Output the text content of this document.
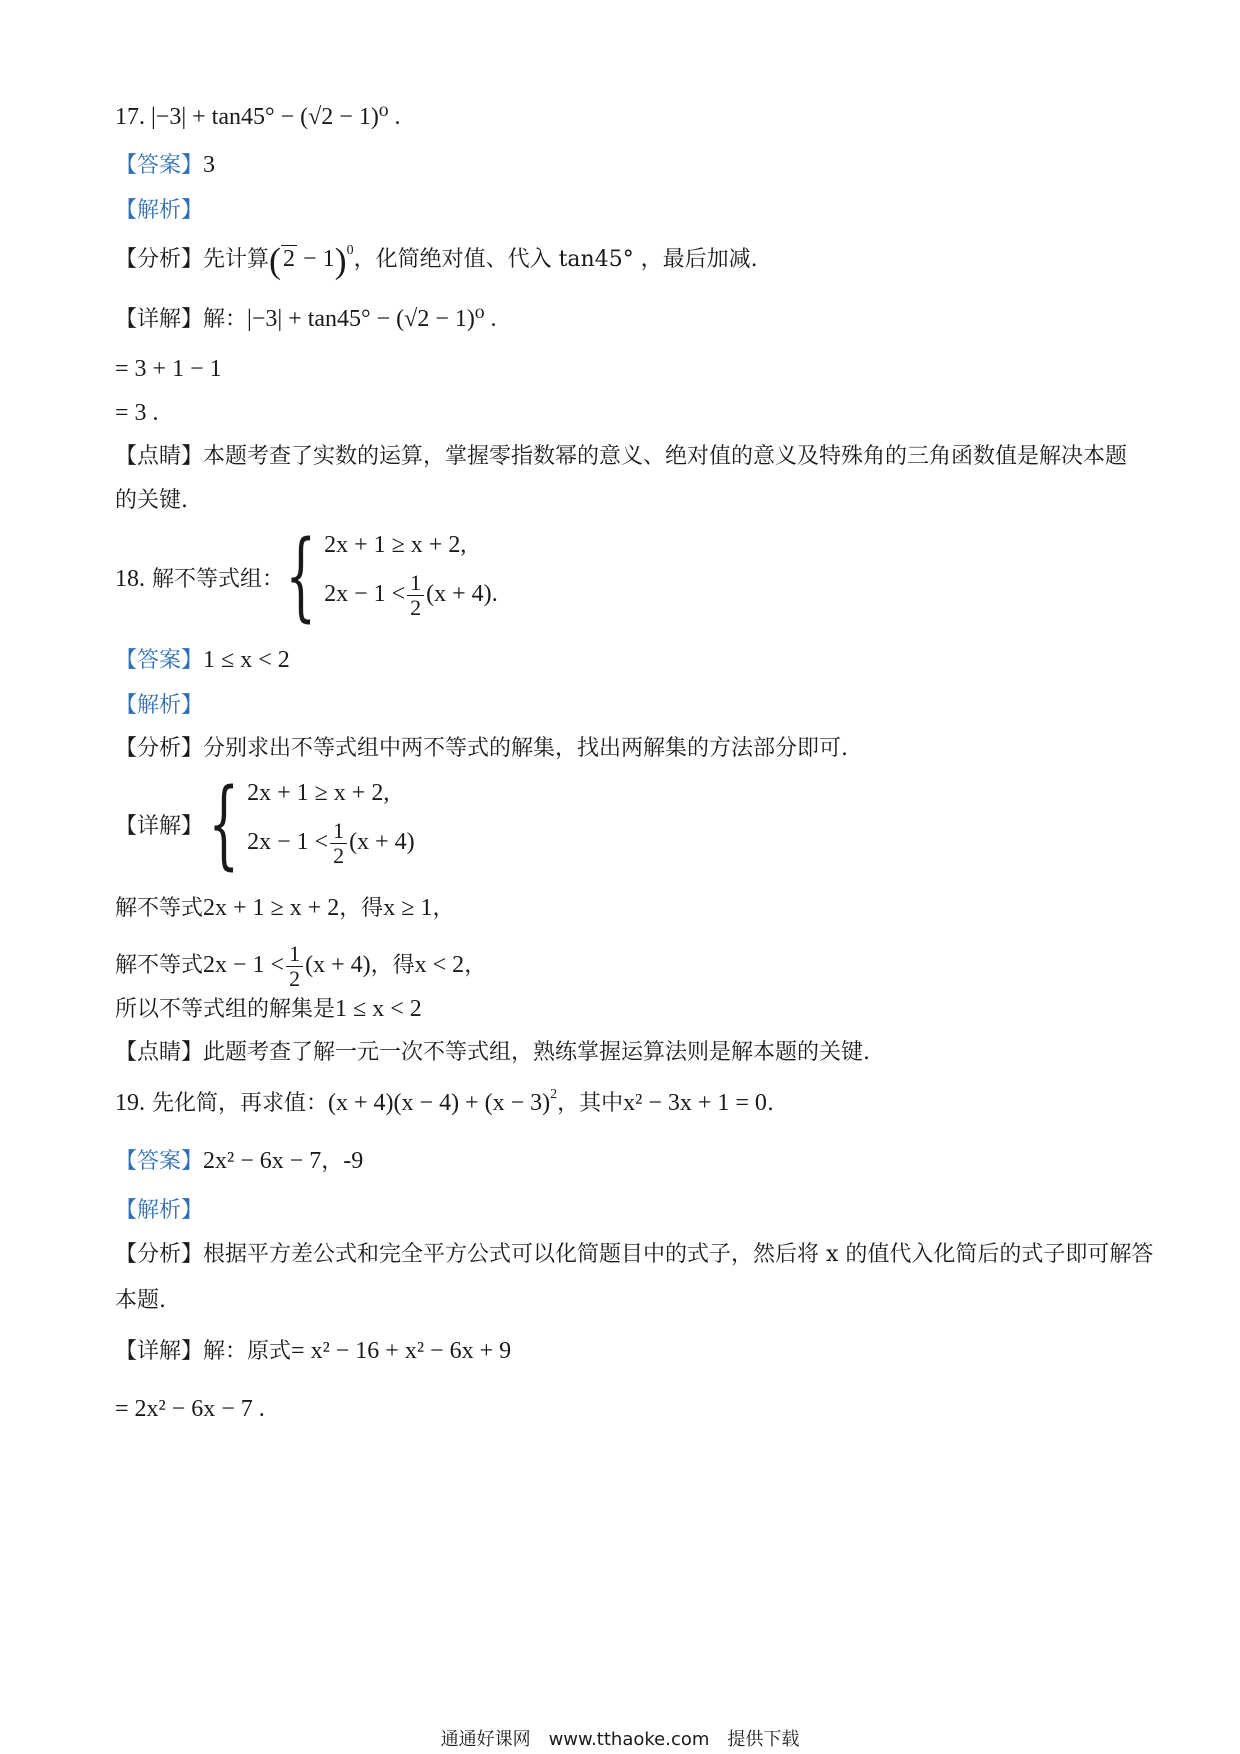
17. |−3| + tan45° − (√2 − 1)⁰ .
【答案】3
【解析】
【分析】先计算$(2 - 1)^0$，化简绝对值、代入 tan45° ，最后加减.
【详解】解：|−3| + tan45° − (√2 − 1)⁰ .
= 3 + 1 − 1
= 3 .
【点睛】本题考查了实数的运算，掌握零指数幂的意义、绝对值的意义及特殊角的三角函数值是解决本题
的关键.
18. 解不等式组： { 2x + 1 ≥ x + 2,
$2x - 1 < \frac{1}{2} (x + 4)$.
【答案】1 ≤ x < 2
【解析】
【分析】分别求出不等式组中两不等式的解集，找出两解集的方法部分即可.
【详解】 { 2x + 1 ≥ x + 2,
$2x - 1 < \frac{1}{2} (x + 4)$
解不等式2x + 1 ≥ x + 2，得x ≥ 1，
解不等式$2x - 1 < \frac{1}{2} (x + 4)$，得x < 2，
所以不等式组的解集是1 ≤ x < 2
【点睛】此题考查了解一元一次不等式组，熟练掌握运算法则是解本题的关键.
19. 先化简，再求值：$(x + 4)(x - 4) + (x - 3)^2$，其中x² − 3x + 1 = 0.
【答案】2x² − 6x − 7，-9
【解析】
【分析】根据平方差公式和完全平方公式可以化简题目中的式子，然后将 x 的值代入化简后的式子即可解答
本题.
【详解】解：原式= x² − 16 + x² − 6x + 9
= 2x² − 6x − 7 .
通通好课网　www.tthaoke.com　提供下载
